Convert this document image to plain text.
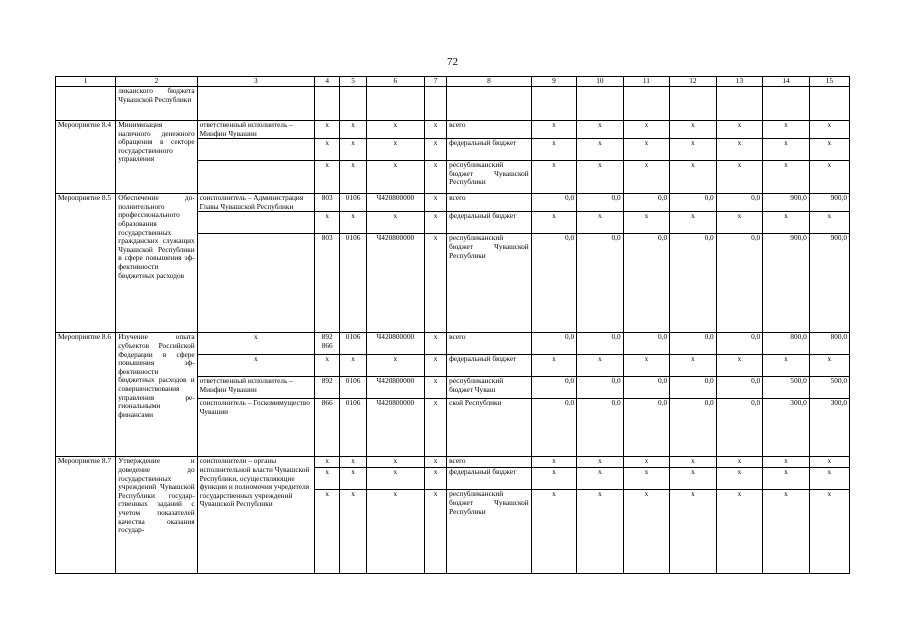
72
1	2	3	4	5	6	7	8	9	10	11	12	13	14	15
	ликанского бюджета Чувашской Республики													
Мероприятие 8.4	Минимизация наличного денежного обращения в секторе государственного управления	ответственный исполнитель – Минфин Чувашии	x	x	x	x	всего	x	x	x	x	x	x	x
			x	x	x	x	федеральный бюджет	x	x	x	x	x	x	x
			x	x	x	x	республиканский бюджет Чувашской Республики	x	x	x	x	x	x	x
Мероприятие 8.5	Обеспечение дополнительного профессионального образования государственных гражданских служащих Чувашской Республики в сфере повышения эффективности бюджетных расходов	соисполнитель – Администрация Главы Чувашской Республики	803	0106	Ч420800000	x	всего	0,0	0,0	0,0	0,0	0,0	900,0	900,0
			x	x	x	x	федеральный бюджет	x	x	x	x	x	x	x
			803	0106	Ч420800000	x	республиканский бюджет Чувашской Республики	0,0	0,0	0,0	0,0	0,0	900,0	900,0
Мероприятие 8.6	Изучение опыта субъектов Российской Федерации в сфере повышения эффективности бюджетных расходов и совершенствования управления региональными финансами	x	892 866	0106	Ч420800000	x	всего	0,0	0,0	0,0	0,0	0,0	800,0	800,0
		x	x	x	x	x	федеральный бюджет	x	x	x	x	x	x	x
		ответственный исполнитель – Минфин Чувашии	892	0106	Ч420800000	x	республиканский бюджет Чуваш	0,0	0,0	0,0	0,0	0,0	500,0	500,0
		соисполнитель – Госкомимущество Чувашии	866	0106	Ч420800000	x	ской Республики	0,0	0,0	0,0	0,0	0,0	300,0	300,0
Мероприятие 8.7	Утверждение и доведение до государственных учреждений Чувашской Республики государственных заданий с учетом показателей качества оказания государ-	соисполнители – органы исполнительной власти Чувашской Республики, осуществляющие функции и полномочия учредителя государственных учреждений Чувашской Республики	x	x	x	x	всего	x	x	x	x	x	x	x
			x	x	x	x	федеральный бюджет	x	x	x	x	x	x	x
			x	x	x	x	республиканский бюджет Чувашской Республики	x	x	x	x	x	x	x
